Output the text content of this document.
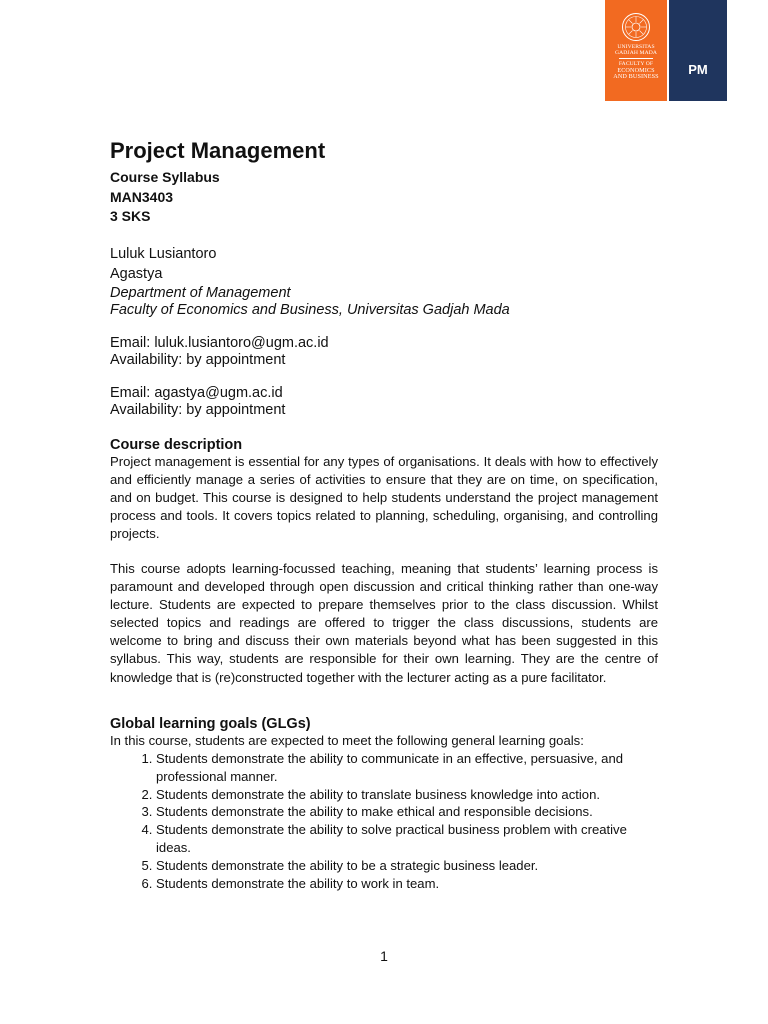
UNIVERSITAS
GADJAH MADA
FACULTY OF
ECONOMICS
AND BUSINESS	PM
Project Management
Course Syllabus
MAN3403
3 SKS
Luluk Lusiantoro
Agastya
Department of Management
Faculty of Economics and Business, Universitas Gadjah Mada
Email: luluk.lusiantoro@ugm.ac.id
Availability: by appointment
Email: agastya@ugm.ac.id
Availability: by appointment
Course description

Project management is essential for any types of organisations. It deals with how to effectively and efficiently manage a series of activities to ensure that they are on time, on specification, and on budget. This course is designed to help students understand the project management process and tools. It covers topics related to planning, scheduling, organising, and controlling projects.

This course adopts learning-focussed teaching, meaning that students’ learning process is paramount and developed through open discussion and critical thinking rather than one-way lecture. Students are expected to prepare themselves prior to the class discussion. Whilst selected topics and readings are offered to trigger the class discussions, students are welcome to bring and discuss their own materials beyond what has been suggested in this syllabus. This way, students are responsible for their own learning. They are the centre of knowledge that is (re)constructed together with the lecturer acting as a pure facilitator.

Global learning goals (GLGs)
In this course, students are expected to meet the following general learning goals:
1. Students demonstrate the ability to communicate in an effective, persuasive, and professional manner.
2. Students demonstrate the ability to translate business knowledge into action.
3. Students demonstrate the ability to make ethical and responsible decisions.
4. Students demonstrate the ability to solve practical business problem with creative ideas.
5. Students demonstrate the ability to be a strategic business leader.
6. Students demonstrate the ability to work in team.
1
